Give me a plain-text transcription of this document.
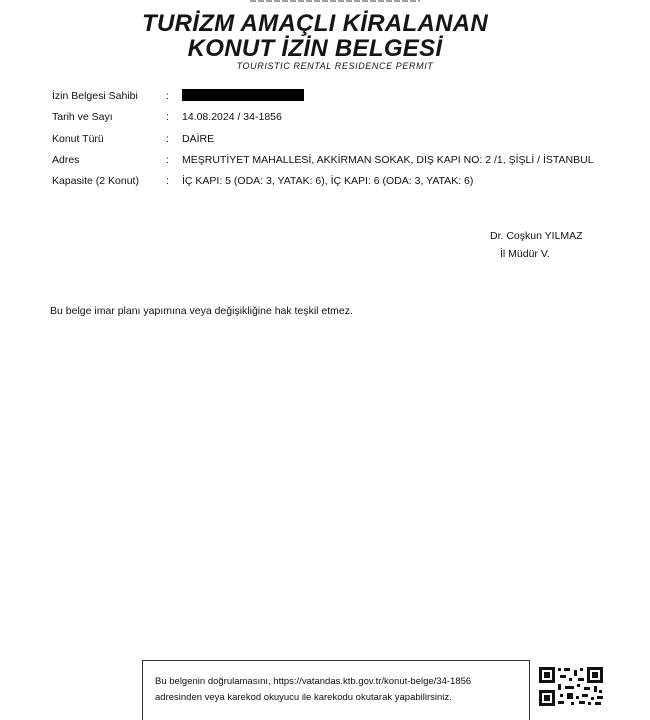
TURİZM AMAÇLI KİRALANAN
KONUT İZİN BELGESİ
TOURISTIC RENTAL RESIDENCE PERMIT
İzin Belgesi Sahibi	:
Tarih ve Sayı	: 14.08.2024 / 34-1856
Konut Türü	: DAİRE
Adres	: MEŞRUTİYET MAHALLESİ, AKKİRMAN SOKAK, DIŞ KAPI NO: 2 /1, ŞİŞLİ / İSTANBUL
Kapasite (2 Konut)	: İÇ KAPI: 5 (ODA: 3, YATAK: 6), İÇ KAPI: 6 (ODA: 3, YATAK: 6)
Dr. Coşkun YILMAZ
İl Müdür V.
Bu belge imar planı yapımına veya değişikliğine hak teşkil etmez.
Bu belgenin doğrulamasını, https://vatandas.ktb.gov.tr/konut-belge/34-1856
adresinden veya karekod okuyucu ile karekodu okutarak yapabilirsiniz.
